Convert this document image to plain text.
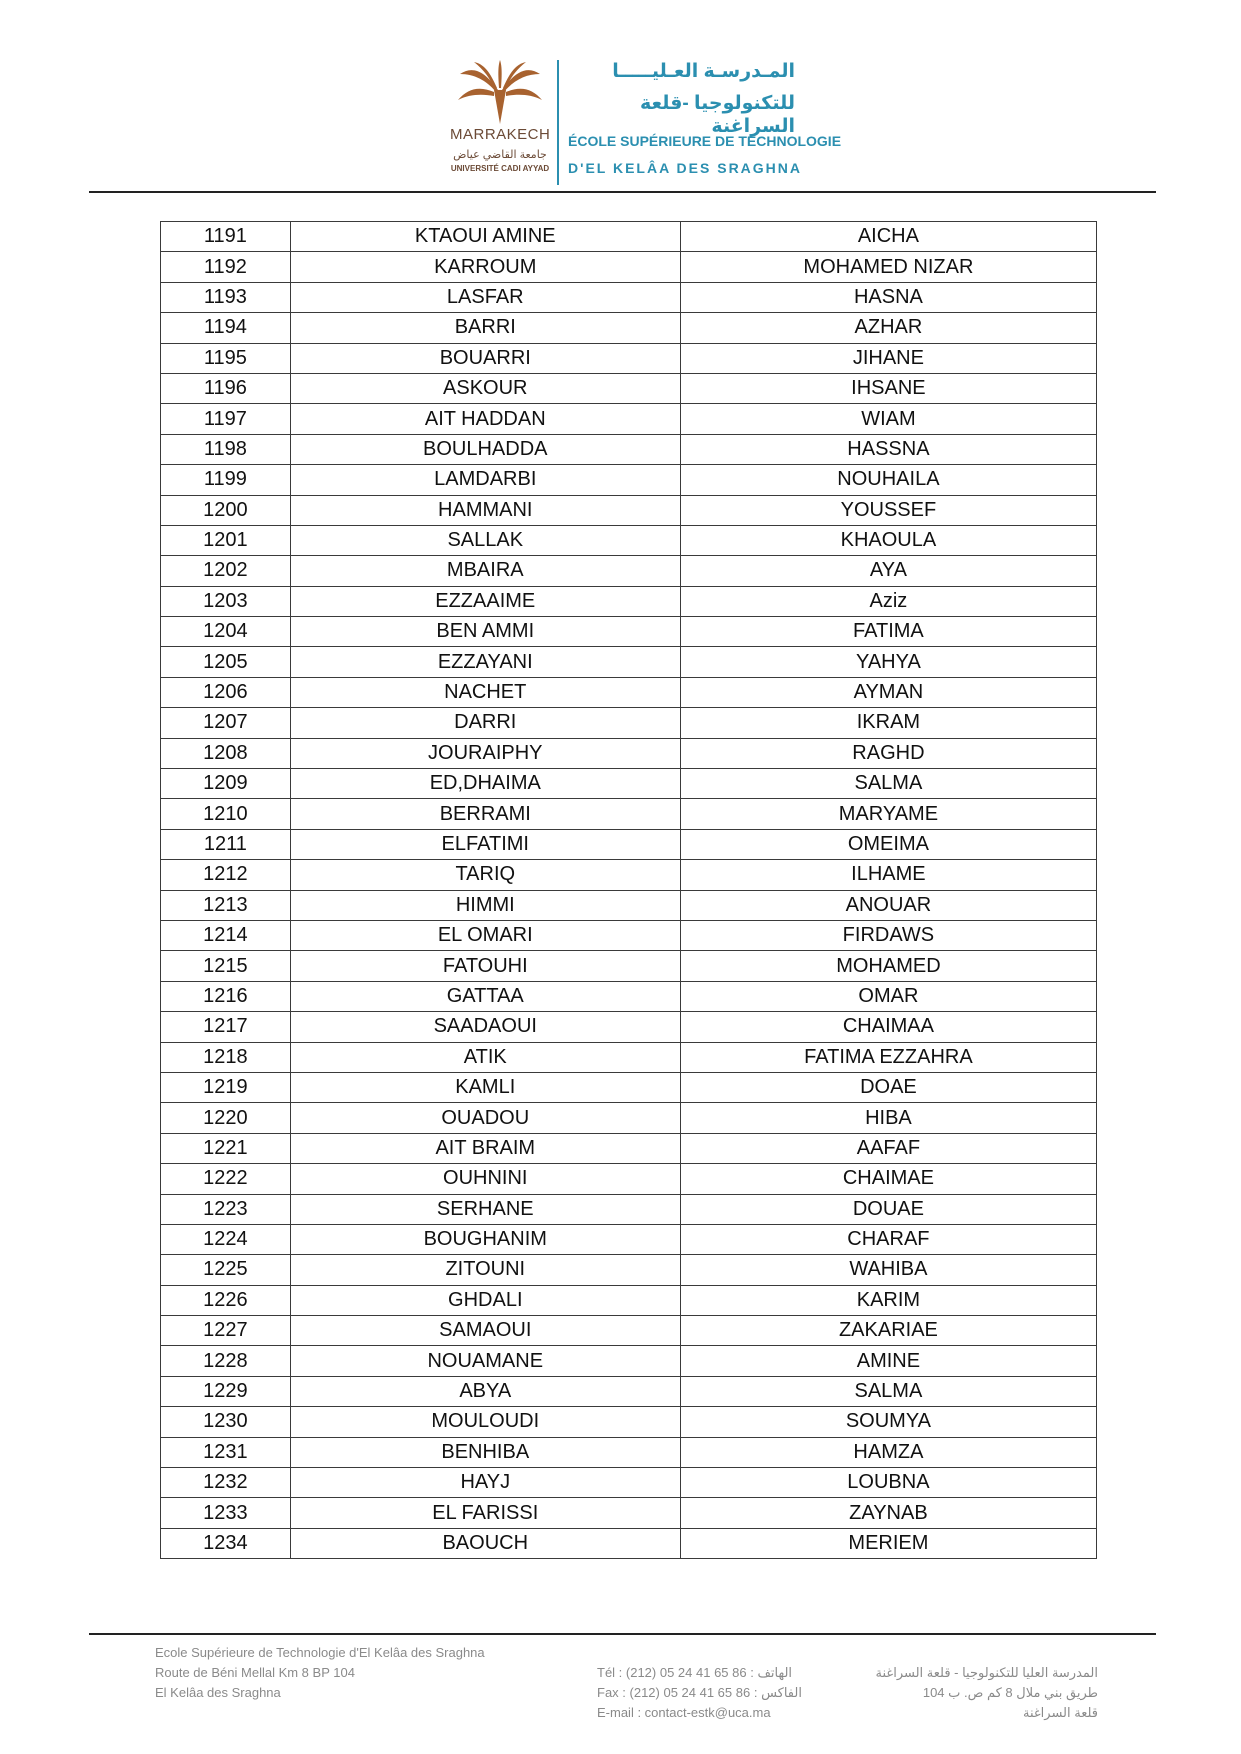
MARRAKECH
جامعة القاضي عياض
UNIVERSITÉ CADI AYYAD
المـدرسـة العـليـــــا
للتكنولوجيا -قلعة السراغنة
ÉCOLE SUPÉRIEURE DE TECHNOLOGIE
D'EL KELÂA DES SRAGHNA
1191	KTAOUI AMINE	AICHA
1192	KARROUM	MOHAMED NIZAR
1193	LASFAR	HASNA
1194	BARRI	AZHAR
1195	BOUARRI	JIHANE
1196	ASKOUR	IHSANE
1197	AIT HADDAN	WIAM
1198	BOULHADDA	HASSNA
1199	LAMDARBI	NOUHAILA
1200	HAMMANI	YOUSSEF
1201	SALLAK	KHAOULA
1202	MBAIRA	AYA
1203	EZZAAIME	Aziz
1204	BEN AMMI	FATIMA
1205	EZZAYANI	YAHYA
1206	NACHET	AYMAN
1207	DARRI	IKRAM
1208	JOURAIPHY	RAGHD
1209	ED,DHAIMA	SALMA
1210	BERRAMI	MARYAME
1211	ELFATIMI	OMEIMA
1212	TARIQ	ILHAME
1213	HIMMI	ANOUAR
1214	EL OMARI	FIRDAWS
1215	FATOUHI	MOHAMED
1216	GATTAA	OMAR
1217	SAADAOUI	CHAIMAA
1218	ATIK	FATIMA EZZAHRA
1219	KAMLI	DOAE
1220	OUADOU	HIBA
1221	AIT BRAIM	AAFAF
1222	OUHNINI	CHAIMAE
1223	SERHANE	DOUAE
1224	BOUGHANIM	CHARAF
1225	ZITOUNI	WAHIBA
1226	GHDALI	KARIM
1227	SAMAOUI	ZAKARIAE
1228	NOUAMANE	AMINE
1229	ABYA	SALMA
1230	MOULOUDI	SOUMYA
1231	BENHIBA	HAMZA
1232	HAYJ	LOUBNA
1233	EL FARISSI	ZAYNAB
1234	BAOUCH	MERIEM
Ecole Supérieure de Technologie d'El Kelâa des Sraghna
Route de Béni Mellal Km 8 BP 104
El Kelâa des Sraghna
Tél : (212) 05 24 41 65 86 : الهاتف
Fax : (212) 05 24 41 65 86 : الفاكس
E-mail : contact-estk@uca.ma
المدرسة العليا للتكنولوجيا - قلعة السراغنة
طريق بني ملال 8 كم ص. ب 104
قلعة السراغنة
